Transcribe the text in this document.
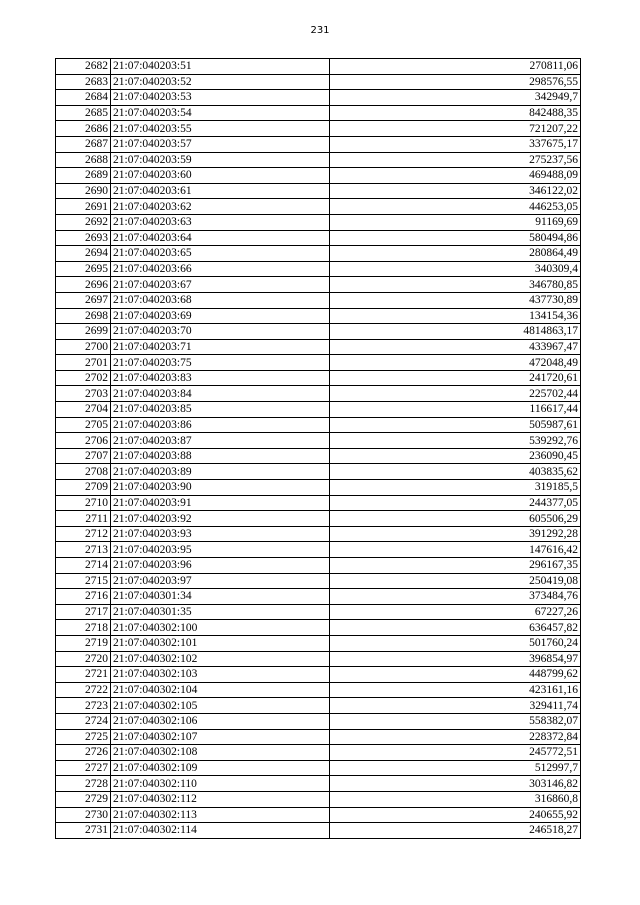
231
2682	21:07:040203:51	270811,06
2683	21:07:040203:52	298576,55
2684	21:07:040203:53	342949,7
2685	21:07:040203:54	842488,35
2686	21:07:040203:55	721207,22
2687	21:07:040203:57	337675,17
2688	21:07:040203:59	275237,56
2689	21:07:040203:60	469488,09
2690	21:07:040203:61	346122,02
2691	21:07:040203:62	446253,05
2692	21:07:040203:63	91169,69
2693	21:07:040203:64	580494,86
2694	21:07:040203:65	280864,49
2695	21:07:040203:66	340309,4
2696	21:07:040203:67	346780,85
2697	21:07:040203:68	437730,89
2698	21:07:040203:69	134154,36
2699	21:07:040203:70	4814863,17
2700	21:07:040203:71	433967,47
2701	21:07:040203:75	472048,49
2702	21:07:040203:83	241720,61
2703	21:07:040203:84	225702,44
2704	21:07:040203:85	116617,44
2705	21:07:040203:86	505987,61
2706	21:07:040203:87	539292,76
2707	21:07:040203:88	236090,45
2708	21:07:040203:89	403835,62
2709	21:07:040203:90	319185,5
2710	21:07:040203:91	244377,05
2711	21:07:040203:92	605506,29
2712	21:07:040203:93	391292,28
2713	21:07:040203:95	147616,42
2714	21:07:040203:96	296167,35
2715	21:07:040203:97	250419,08
2716	21:07:040301:34	373484,76
2717	21:07:040301:35	67227,26
2718	21:07:040302:100	636457,82
2719	21:07:040302:101	501760,24
2720	21:07:040302:102	396854,97
2721	21:07:040302:103	448799,62
2722	21:07:040302:104	423161,16
2723	21:07:040302:105	329411,74
2724	21:07:040302:106	558382,07
2725	21:07:040302:107	228372,84
2726	21:07:040302:108	245772,51
2727	21:07:040302:109	512997,7
2728	21:07:040302:110	303146,82
2729	21:07:040302:112	316860,8
2730	21:07:040302:113	240655,92
2731	21:07:040302:114	246518,27
